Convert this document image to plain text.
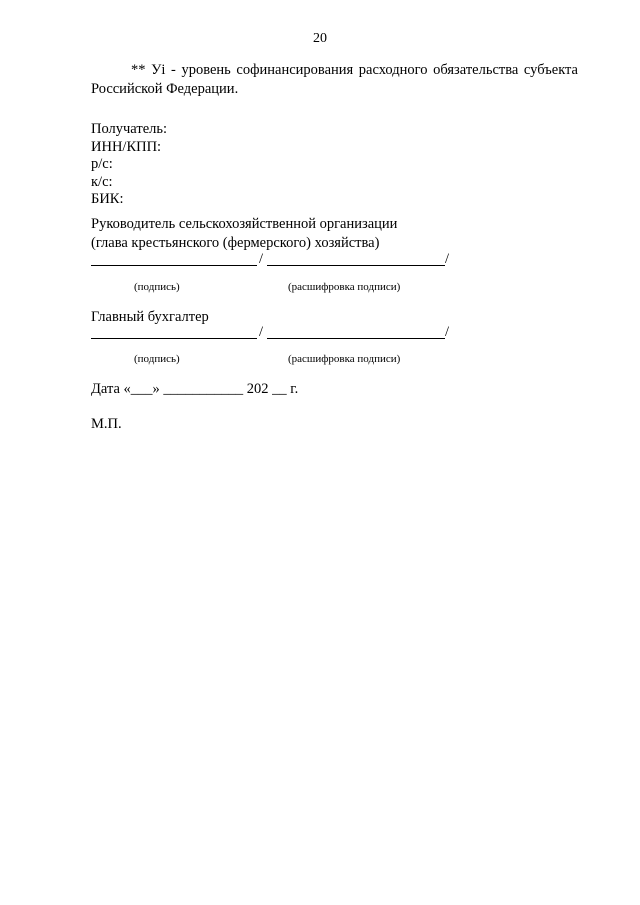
20
** Уi - уровень софинансирования расходного обязательства субъекта Российской Федерации.
Получатель:
ИНН/КПП:
р/с:
к/с:
БИК:
Руководитель сельскохозяйственной организации
(глава крестьянского (фермерского) хозяйства)
/	/
(подпись)	(расшифровка подписи)
Главный бухгалтер
/	/
(подпись)	(расшифровка подписи)
Дата «___» ___________ 202 __ г.
М.П.
